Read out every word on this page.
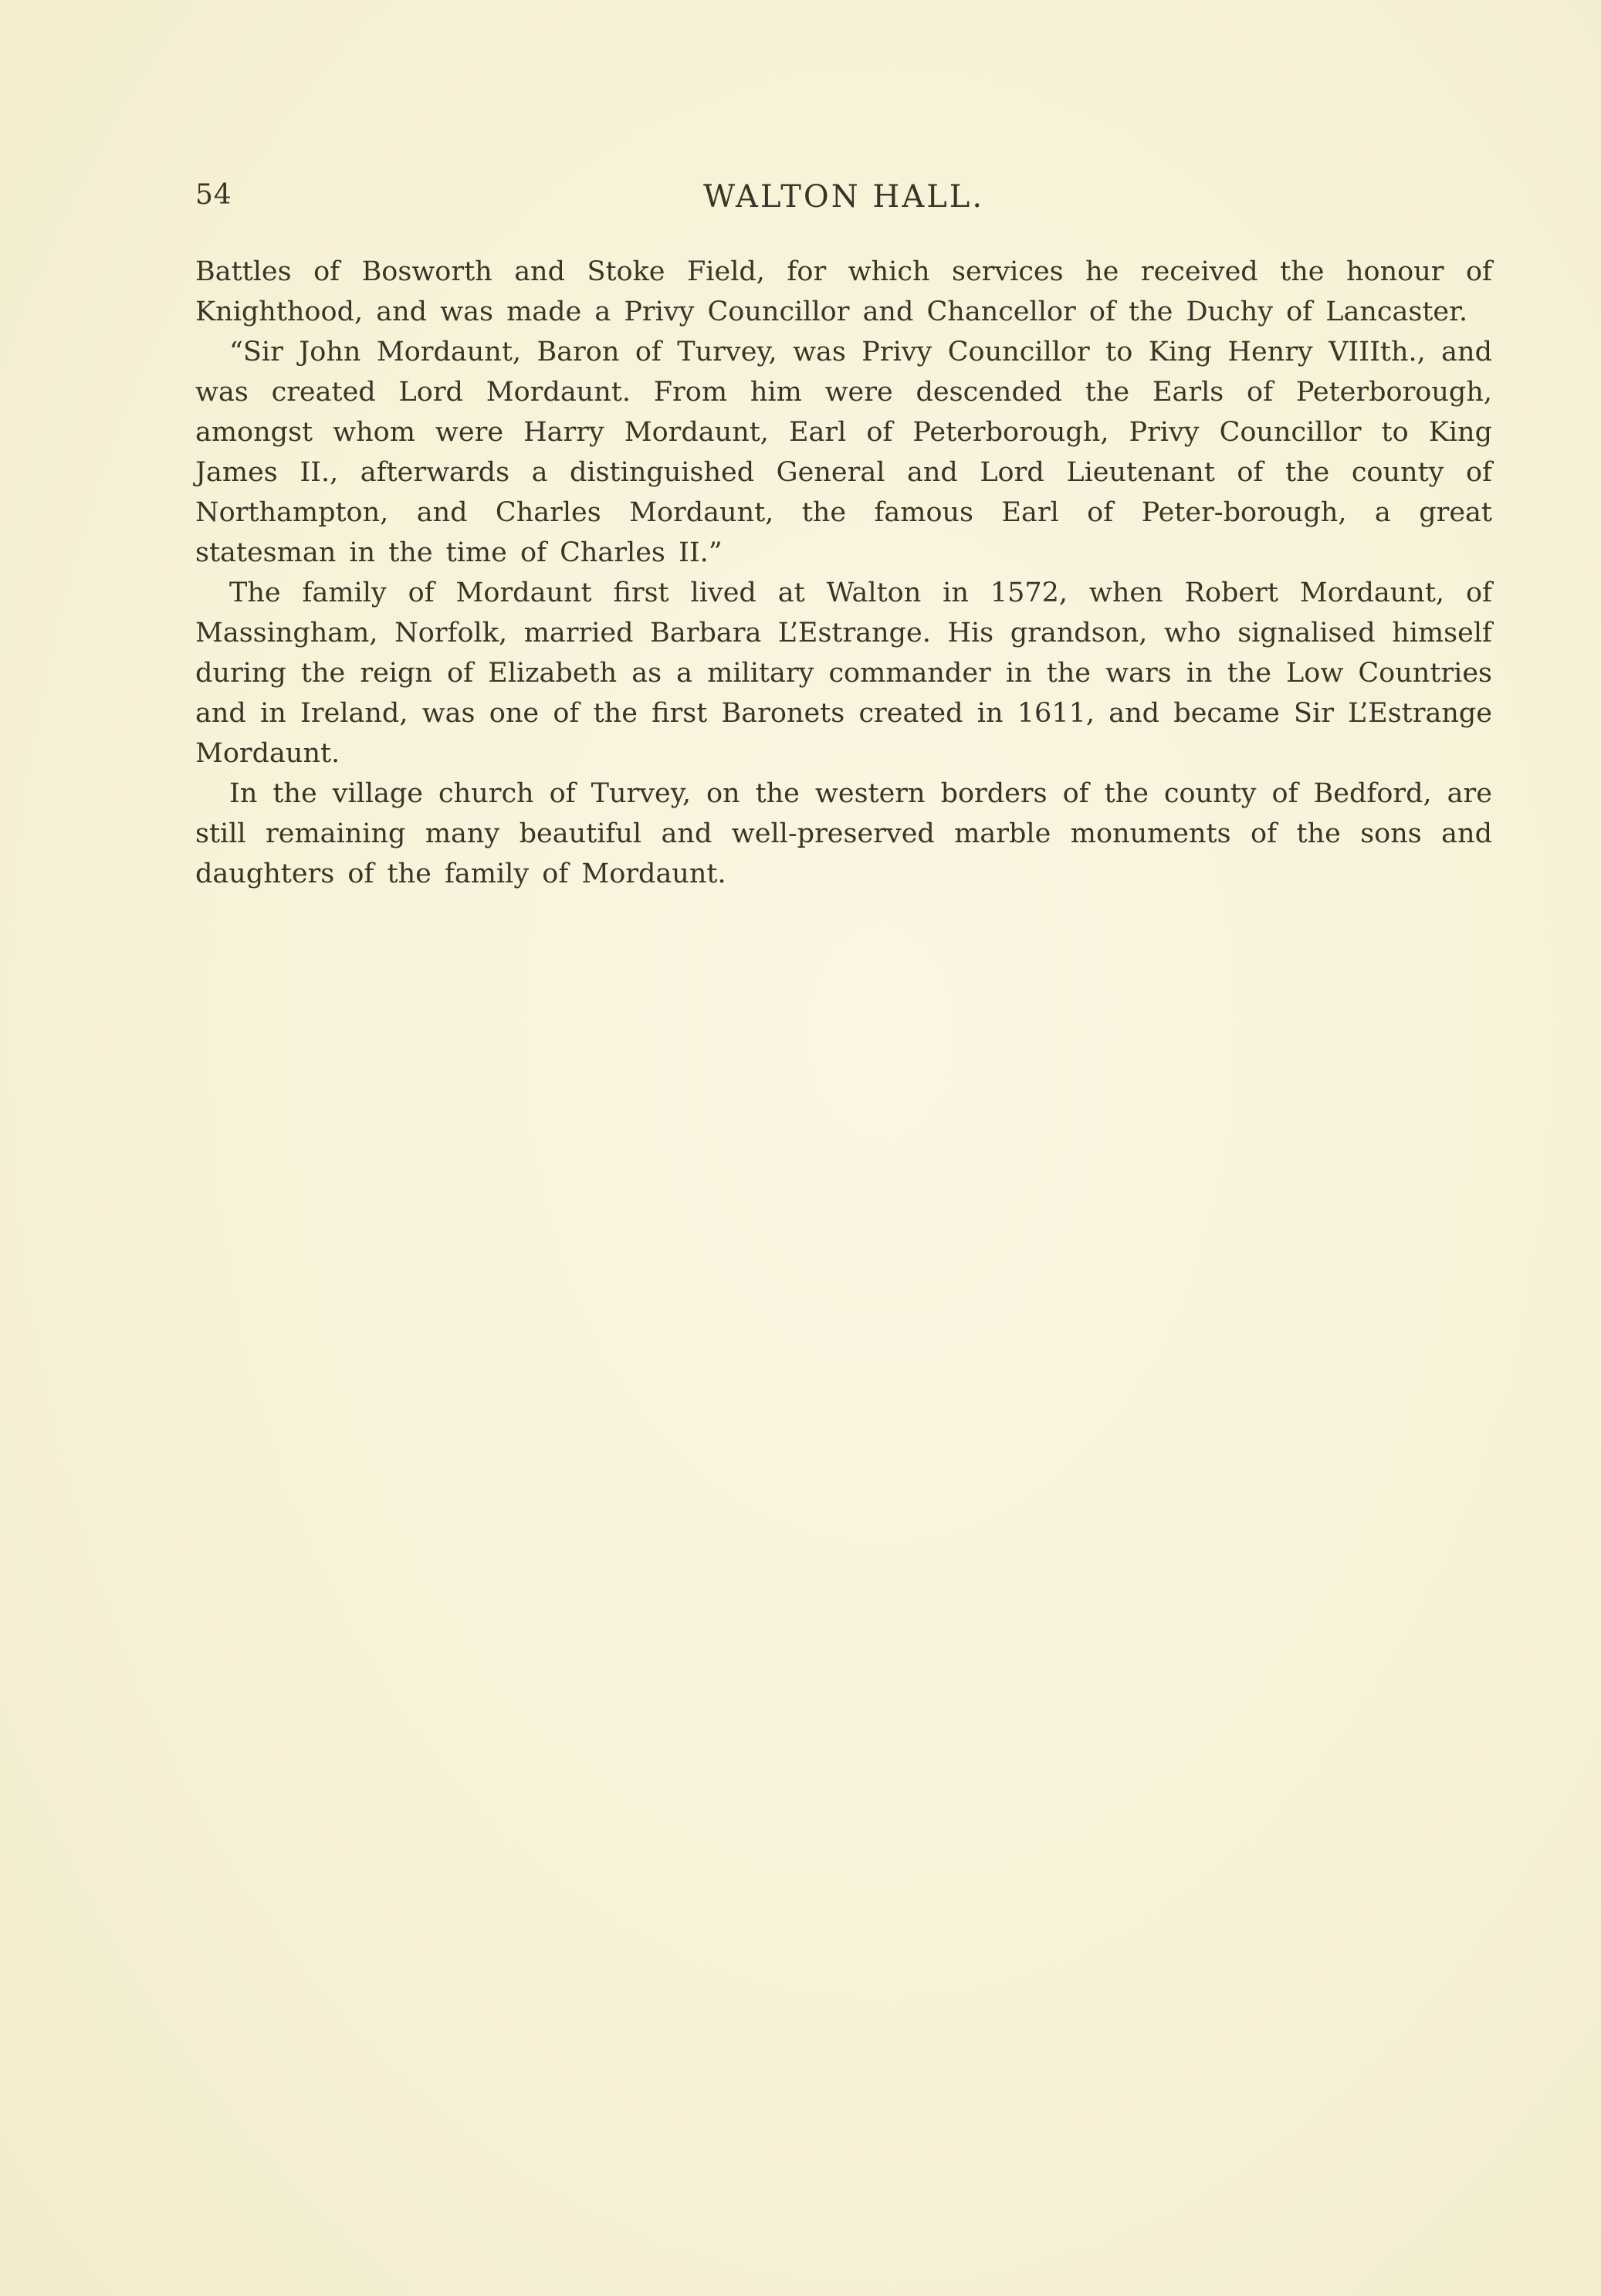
54	WALTON HALL.

Battles of Bosworth and Stoke Field, for which services he received the honour of Knighthood, and was made a Privy Councillor and Chancellor of the Duchy of Lancaster.

“Sir John Mordaunt, Baron of Turvey, was Privy Councillor to King Henry VIIIth., and was created Lord Mordaunt. From him were descended the Earls of Peterborough, amongst whom were Harry Mordaunt, Earl of Peterborough, Privy Councillor to King James II., afterwards a distinguished General and Lord Lieutenant of the county of Northampton, and Charles Mordaunt, the famous Earl of Peter-borough, a great statesman in the time of Charles II.”

The family of Mordaunt first lived at Walton in 1572, when Robert Mordaunt, of Massingham, Norfolk, married Barbara L’Estrange. His grandson, who signalised himself during the reign of Elizabeth as a military commander in the wars in the Low Countries and in Ireland, was one of the first Baronets created in 1611, and became Sir L’Estrange Mordaunt.

In the village church of Turvey, on the western borders of the county of Bedford, are still remaining many beautiful and well-preserved marble monuments of the sons and daughters of the family of Mordaunt.
